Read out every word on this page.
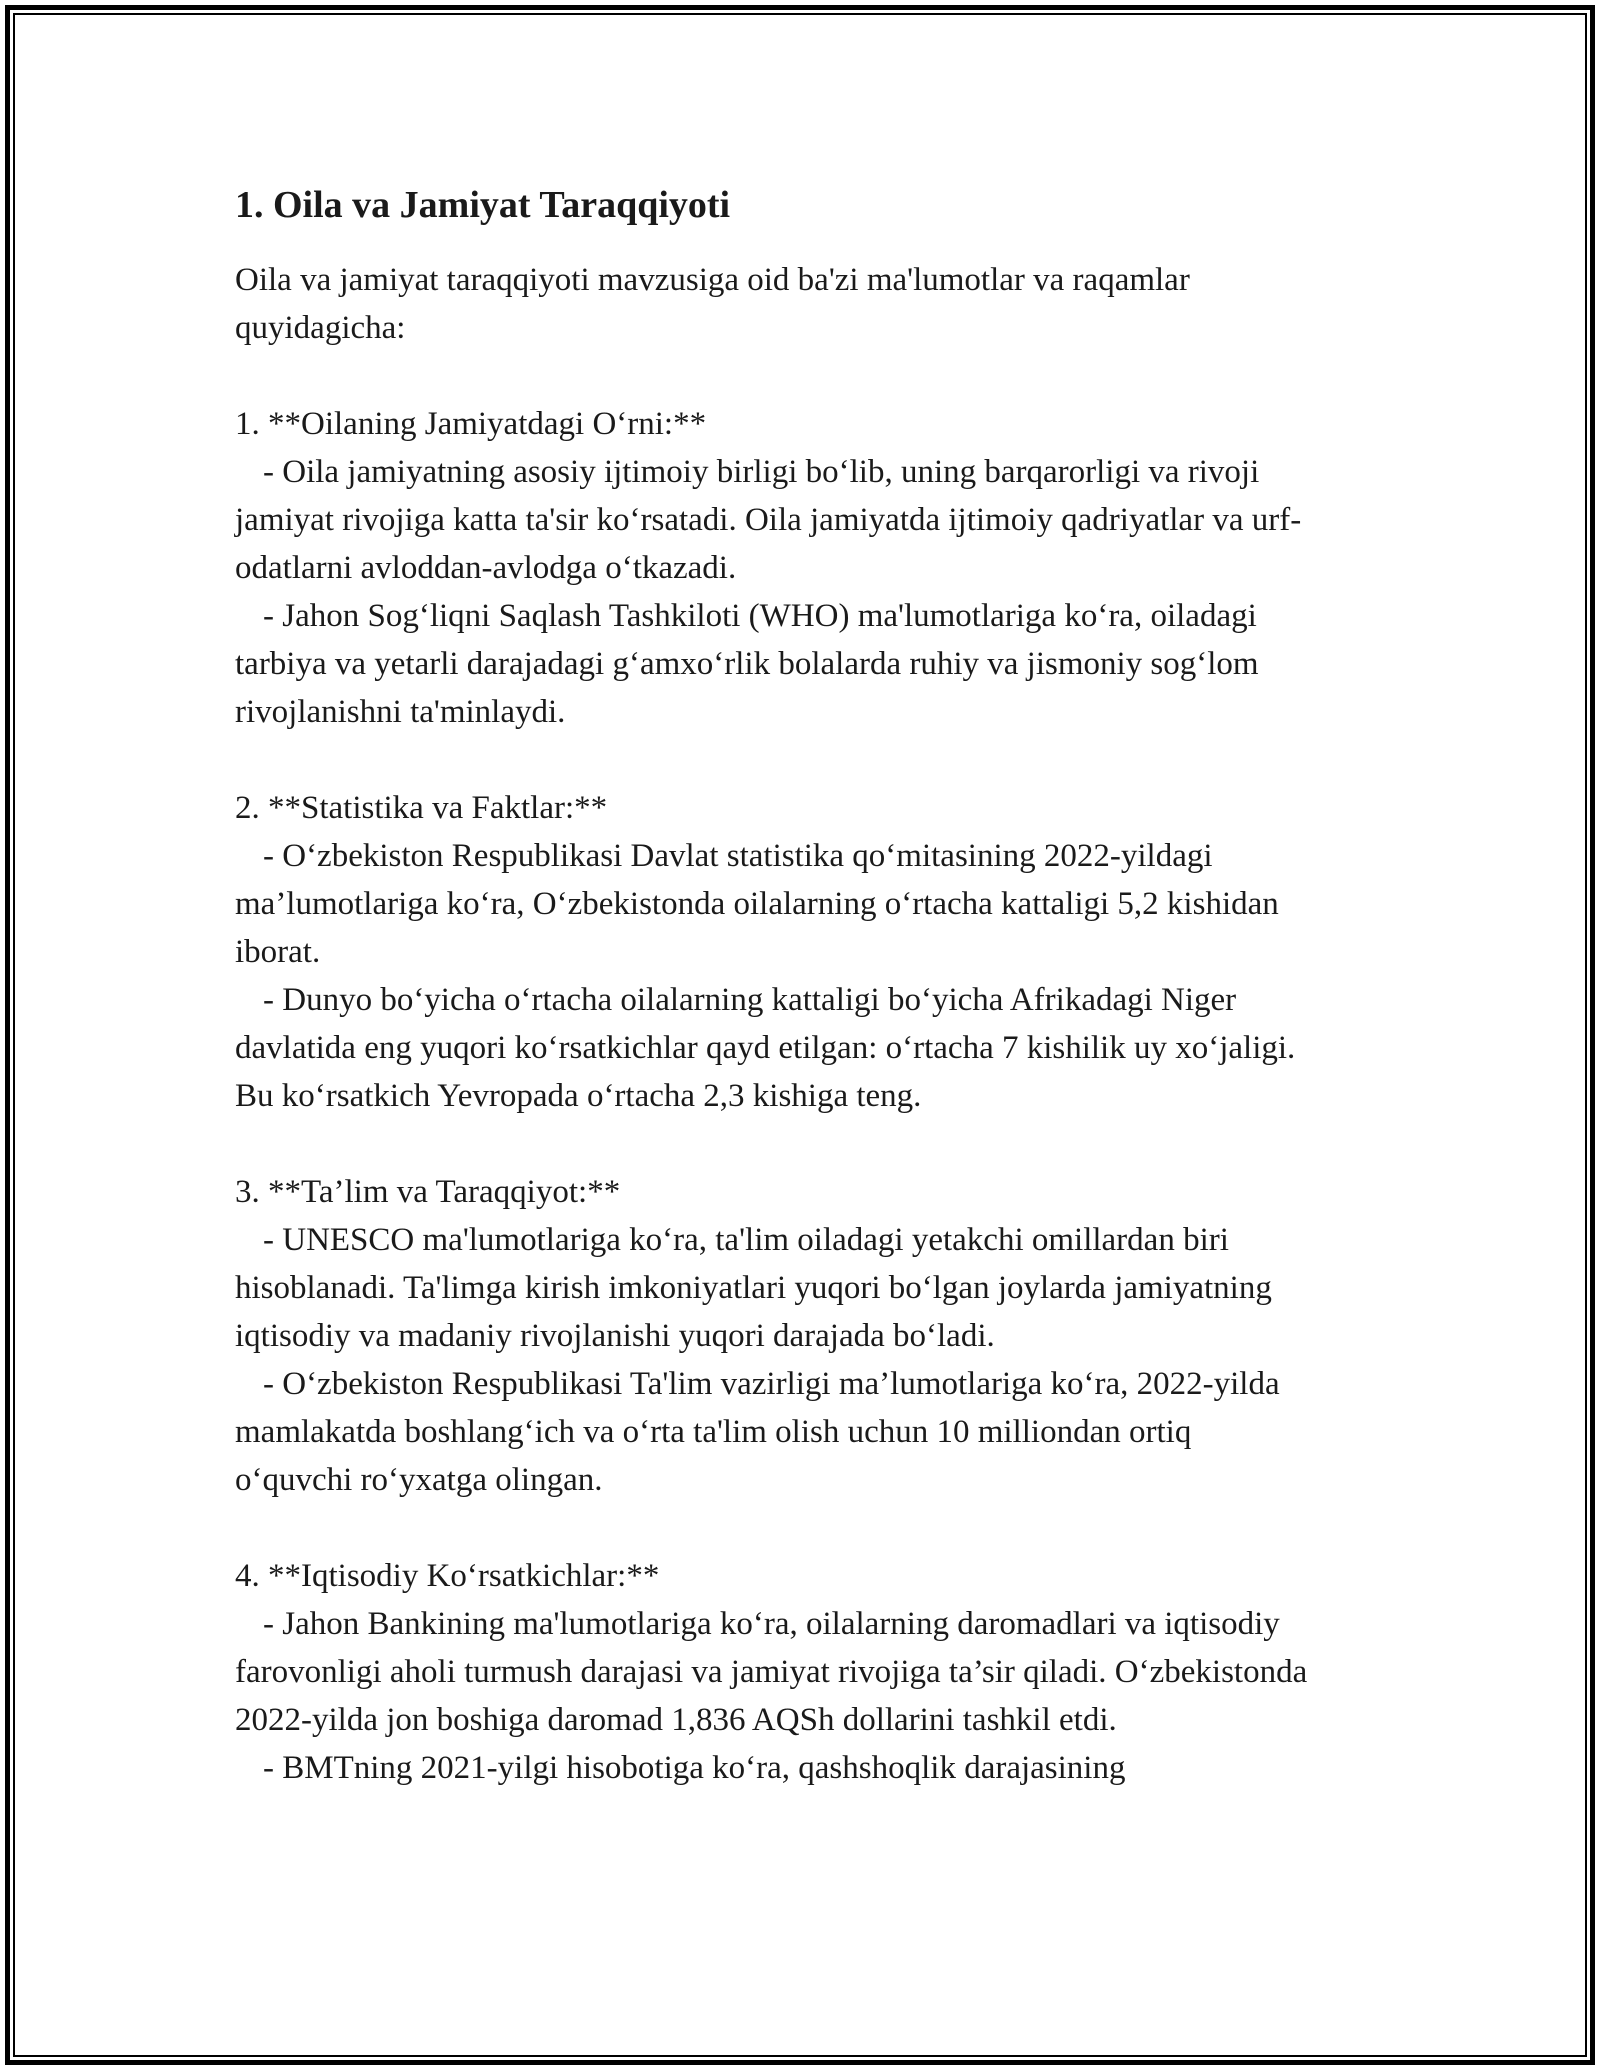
1. Oila va Jamiyat Taraqqiyoti

Oila va jamiyat taraqqiyoti mavzusiga oid ba'zi ma'lumotlar va raqamlar quyidagicha:

1. **Oilaning Jamiyatdagi O‘rni:**

- Oila jamiyatning asosiy ijtimoiy birligi bo‘lib, uning barqarorligi va rivoji jamiyat rivojiga katta ta'sir ko‘rsatadi. Oila jamiyatda ijtimoiy qadriyatlar va urf-odatlarni avloddan-avlodga o‘tkazadi.

- Jahon Sog‘liqni Saqlash Tashkiloti (WHO) ma'lumotlariga ko‘ra, oiladagi tarbiya va yetarli darajadagi g‘amxo‘rlik bolalarda ruhiy va jismoniy sog‘lom rivojlanishni ta'minlaydi.

2. **Statistika va Faktlar:**

- O‘zbekiston Respublikasi Davlat statistika qo‘mitasining 2022-yildagi ma’lumotlariga ko‘ra, O‘zbekistonda oilalarning o‘rtacha kattaligi 5,2 kishidan iborat.

- Dunyo bo‘yicha o‘rtacha oilalarning kattaligi bo‘yicha Afrikadagi Niger davlatida eng yuqori ko‘rsatkichlar qayd etilgan: o‘rtacha 7 kishilik uy xo‘jaligi. Bu ko‘rsatkich Yevropada o‘rtacha 2,3 kishiga teng.

3. **Ta’lim va Taraqqiyot:**

- UNESCO ma'lumotlariga ko‘ra, ta'lim oiladagi yetakchi omillardan biri hisoblanadi. Ta'limga kirish imkoniyatlari yuqori bo‘lgan joylarda jamiyatning iqtisodiy va madaniy rivojlanishi yuqori darajada bo‘ladi.

- O‘zbekiston Respublikasi Ta'lim vazirligi ma’lumotlariga ko‘ra, 2022-yilda mamlakatda boshlang‘ich va o‘rta ta'lim olish uchun 10 milliondan ortiq o‘quvchi ro‘yxatga olingan.

4. **Iqtisodiy Ko‘rsatkichlar:**

- Jahon Bankining ma'lumotlariga ko‘ra, oilalarning daromadlari va iqtisodiy farovonligi aholi turmush darajasi va jamiyat rivojiga ta’sir qiladi. O‘zbekistonda 2022-yilda jon boshiga daromad 1,836 AQSh dollarini tashkil etdi.

- BMTning 2021-yilgi hisobotiga ko‘ra, qashshoqlik darajasining
